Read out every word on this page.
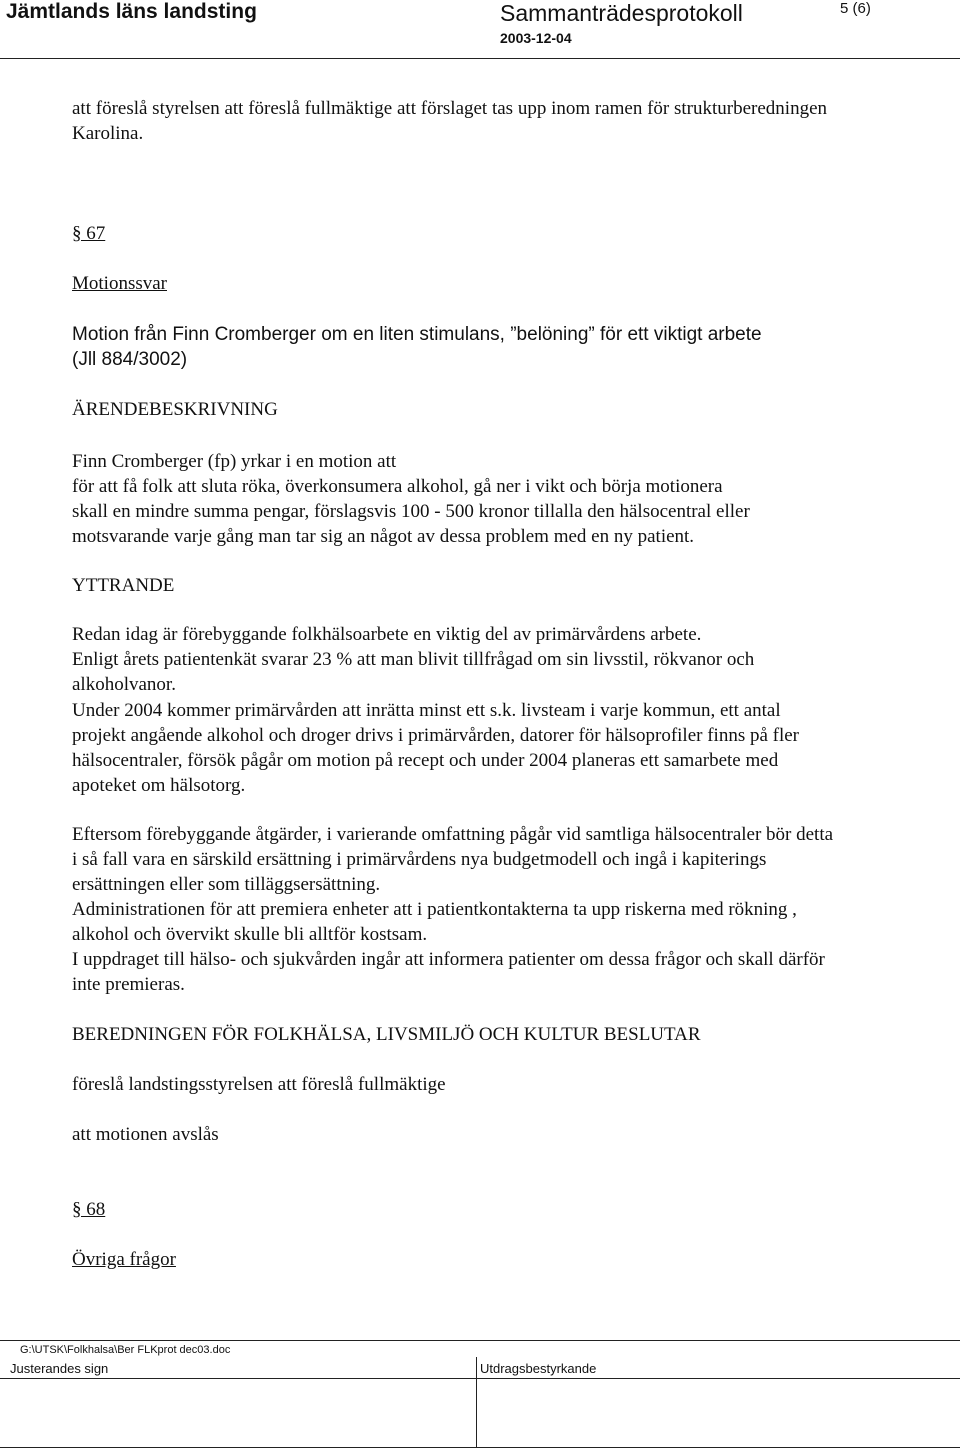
Jämtlands läns landsting	Sammanträdesprotokoll	5 (6)
2003-12-04
att föreslå styrelsen att föreslå fullmäktige att förslaget tas upp inom ramen för strukturberedningen
Karolina.
§ 67
Motionssvar
Motion från Finn Cromberger om en liten stimulans, ”belöning” för ett viktigt arbete
(Jll 884/3002)
ÄRENDEBESKRIVNING
Finn Cromberger (fp) yrkar i en motion att
för att få folk att sluta röka, överkonsumera alkohol, gå ner i vikt och börja motionera
skall en mindre summa pengar, förslagsvis 100 - 500 kronor tillalla den hälsocentral eller
motsvarande varje gång man tar sig an något av dessa problem med en ny patient.
YTTRANDE
Redan idag är förebyggande folkhälsoarbete en viktig del av primärvårdens arbete.
Enligt årets patientenkät svarar 23 % att man blivit tillfrågad om sin livsstil, rökvanor och
alkoholvanor.
Under 2004 kommer primärvården att inrätta minst ett s.k. livsteam i varje kommun, ett antal
projekt angående alkohol och droger drivs i primärvården, datorer för hälsoprofiler finns på fler
hälsocentraler, försök pågår om motion på recept och under 2004 planeras ett samarbete med
apoteket om hälsotorg.
Eftersom förebyggande åtgärder, i varierande omfattning pågår vid samtliga hälsocentraler bör detta
i så fall vara en särskild ersättning i primärvårdens nya budgetmodell och ingå i kapiterings
ersättningen eller som tilläggsersättning.
Administrationen för att premiera enheter att i patientkontakterna ta upp riskerna med rökning ,
alkohol och övervikt skulle bli alltför kostsam.
I uppdraget till hälso- och sjukvården ingår att informera patienter om dessa frågor och skall därför
inte premieras.
BEREDNINGEN FÖR FOLKHÄLSA, LIVSMILJÖ OCH KULTUR BESLUTAR
föreslå landstingsstyrelsen att föreslå fullmäktige
att motionen avslås
§ 68
Övriga frågor
G:\UTSK\Folkhalsa\Ber FLKprot dec03.doc
Justerandes sign	Utdragsbestyrkande
